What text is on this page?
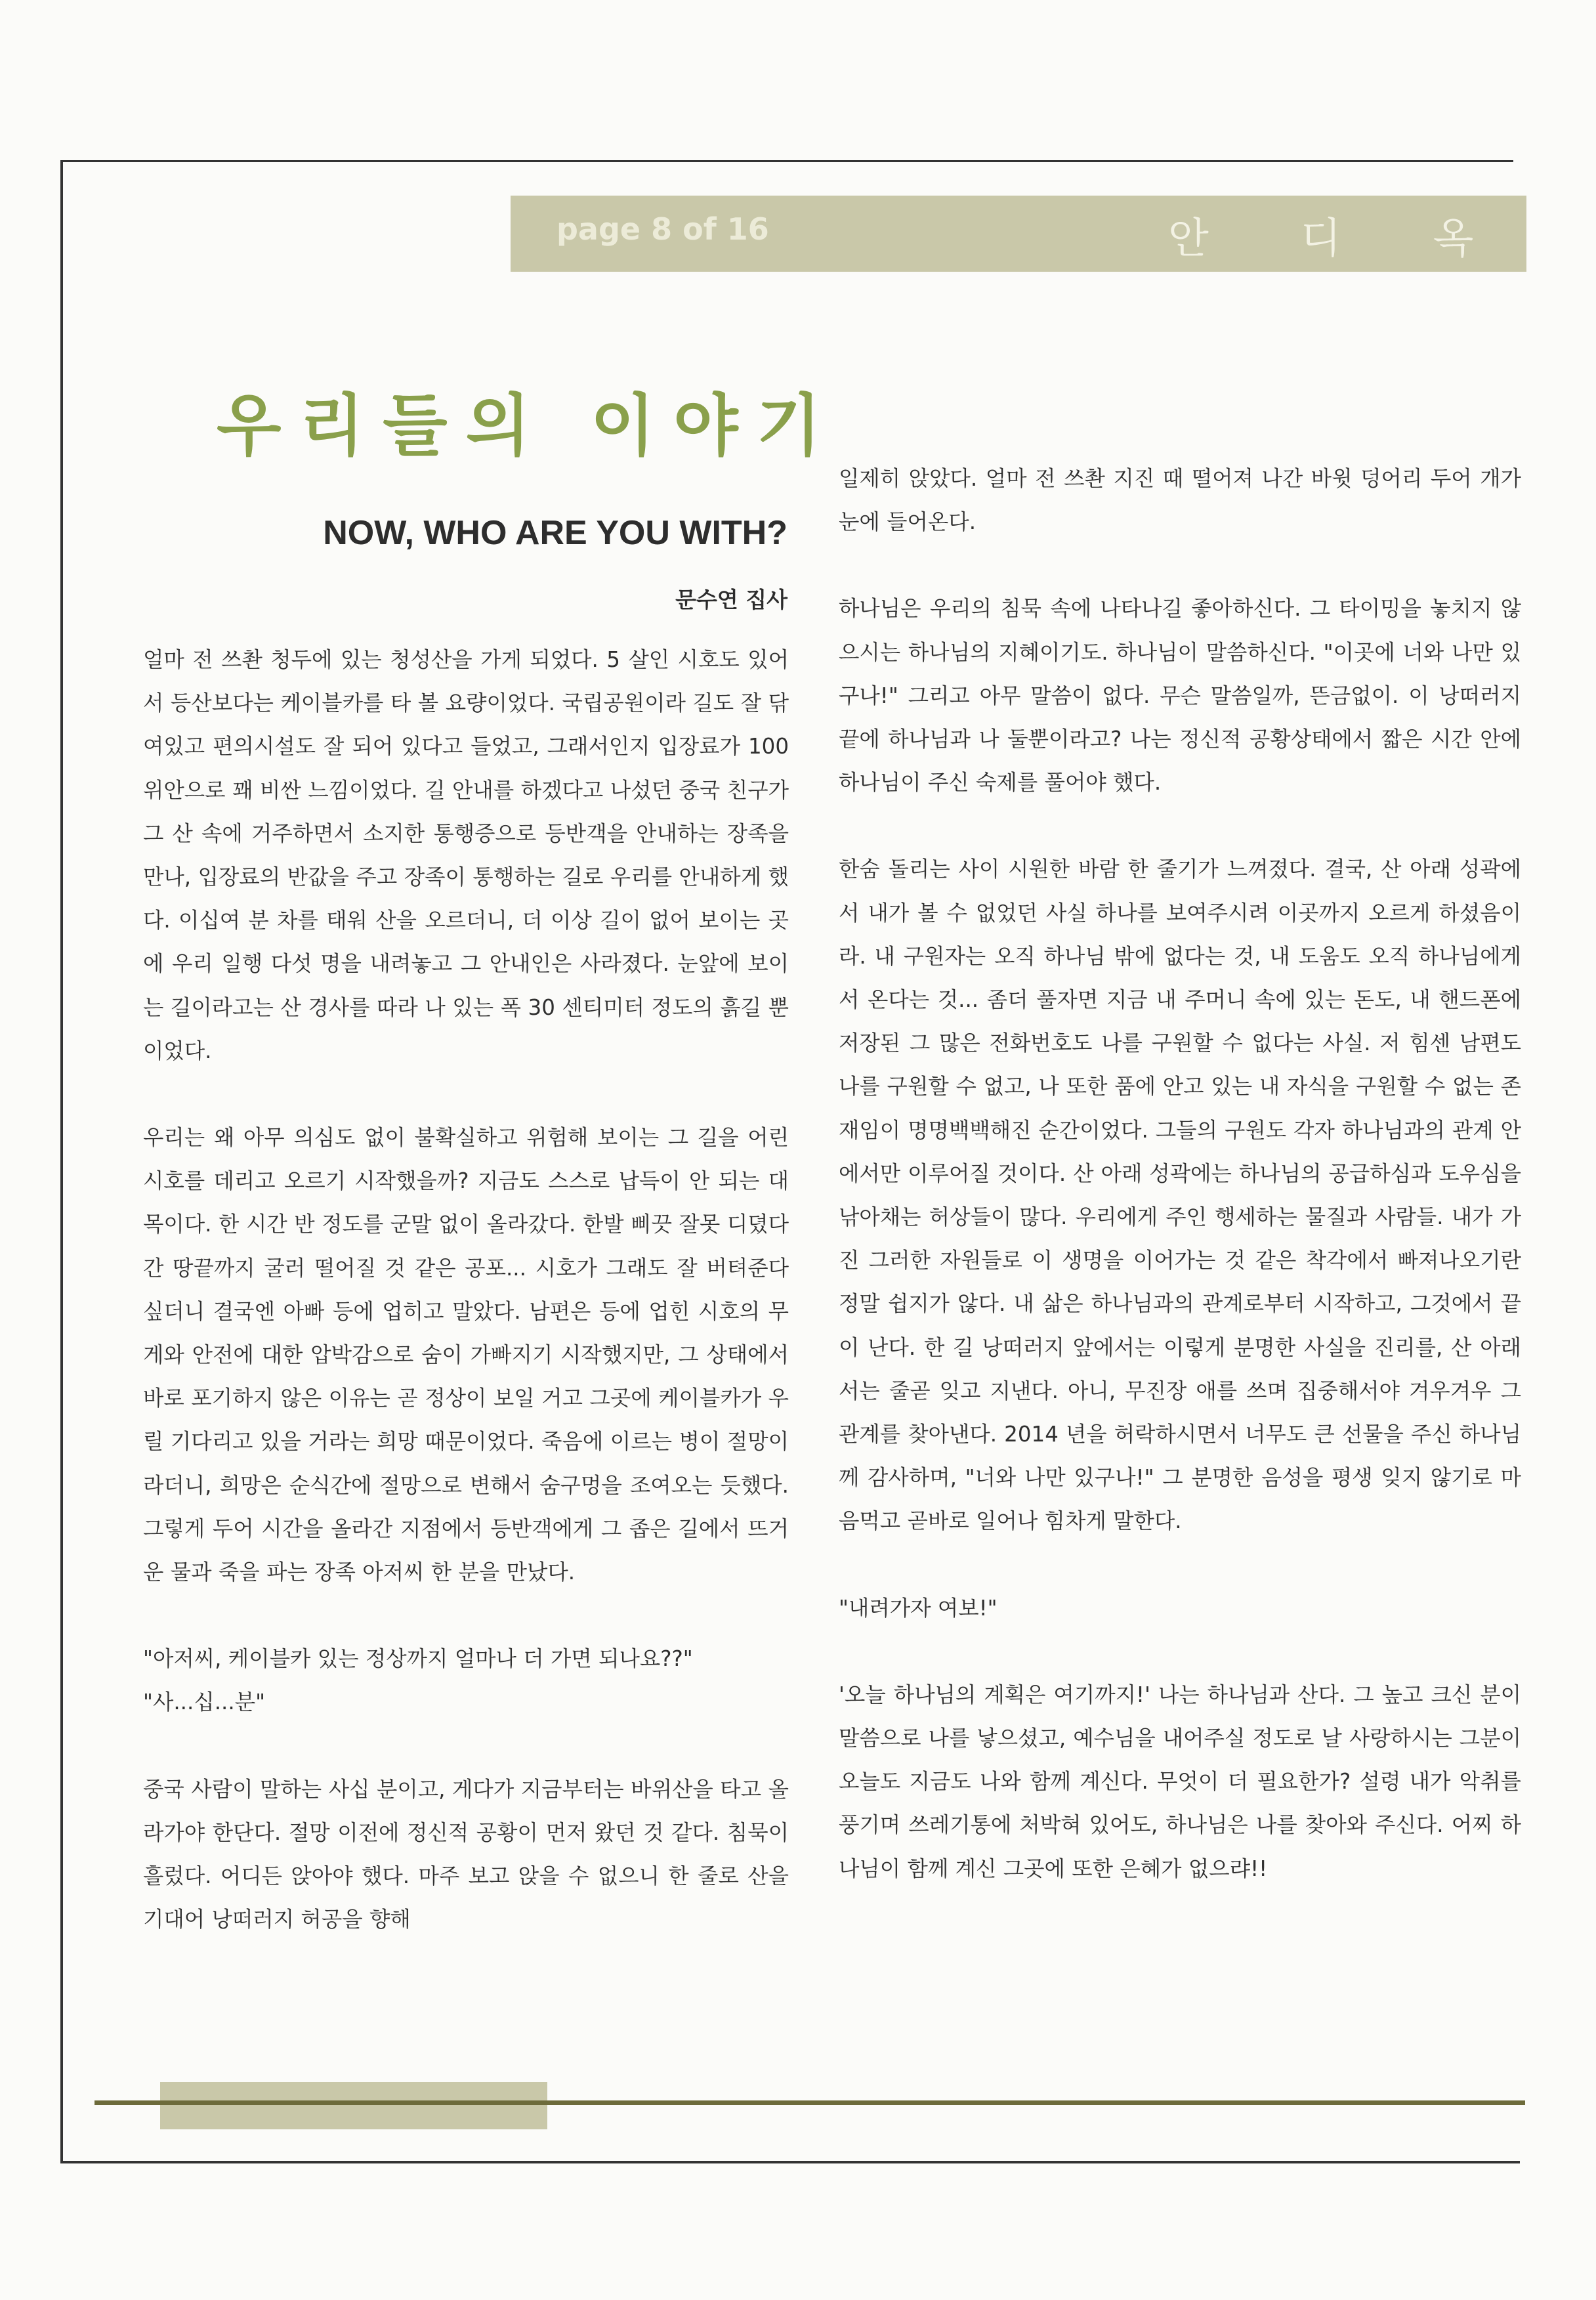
page 8 of 16	안디옥
우리들의 이야기
NOW, WHO ARE YOU WITH?
문수연 집사

얼마 전 쓰촨 청두에 있는 청성산을 가게 되었다. 5 살인 시호도 있어서 등산보다는 케이블카를 타 볼 요량이었다. 국립공원이라 길도 잘 닦여있고 편의시설도 잘 되어 있다고 들었고, 그래서인지 입장료가 100 위안으로 꽤 비싼 느낌이었다. 길 안내를 하겠다고 나섰던 중국 친구가 그 산 속에 거주하면서 소지한 통행증으로 등반객을 안내하는 장족을 만나, 입장료의 반값을 주고 장족이 통행하는 길로 우리를 안내하게 했다. 이십여 분 차를 태워 산을 오르더니, 더 이상 길이 없어 보이는 곳에 우리 일행 다섯 명을 내려놓고 그 안내인은 사라졌다. 눈앞에 보이는 길이라고는 산 경사를 따라 나 있는 폭 30 센티미터 정도의 흙길 뿐이었다.

우리는 왜 아무 의심도 없이 불확실하고 위험해 보이는 그 길을 어린 시호를 데리고 오르기 시작했을까? 지금도 스스로 납득이 안 되는 대목이다. 한 시간 반 정도를 군말 없이 올라갔다. 한발 삐끗 잘못 디뎠다간 땅끝까지 굴러 떨어질 것 같은 공포... 시호가 그래도 잘 버텨준다 싶더니 결국엔 아빠 등에 업히고 말았다. 남편은 등에 업힌 시호의 무게와 안전에 대한 압박감으로 숨이 가빠지기 시작했지만, 그 상태에서 바로 포기하지 않은 이유는 곧 정상이 보일 거고 그곳에 케이블카가 우릴 기다리고 있을 거라는 희망 때문이었다. 죽음에 이르는 병이 절망이라더니, 희망은 순식간에 절망으로 변해서 숨구멍을 조여오는 듯했다. 그렇게 두어 시간을 올라간 지점에서 등반객에게 그 좁은 길에서 뜨거운 물과 죽을 파는 장족 아저씨 한 분을 만났다.

"아저씨, 케이블카 있는 정상까지 얼마나 더 가면 되나요??"

"사...십...분"

중국 사람이 말하는 사십 분이고, 게다가 지금부터는 바위산을 타고 올라가야 한단다. 절망 이전에 정신적 공황이 먼저 왔던 것 같다. 침묵이 흘렀다. 어디든 앉아야 했다. 마주 보고 앉을 수 없으니 한 줄로 산을 기대어 낭떠러지 허공을 향해

일제히 앉았다. 얼마 전 쓰촨 지진 때 떨어져 나간 바윗 덩어리 두어 개가 눈에 들어온다.

하나님은 우리의 침묵 속에 나타나길 좋아하신다. 그 타이밍을 놓치지 않으시는 하나님의 지혜이기도. 하나님이 말씀하신다. "이곳에 너와 나만 있구나!" 그리고 아무 말씀이 없다. 무슨 말씀일까, 뜬금없이. 이 낭떠러지 끝에 하나님과 나 둘뿐이라고? 나는 정신적 공황상태에서 짧은 시간 안에 하나님이 주신 숙제를 풀어야 했다.

한숨 돌리는 사이 시원한 바람 한 줄기가 느껴졌다. 결국, 산 아래 성곽에서 내가 볼 수 없었던 사실 하나를 보여주시려 이곳까지 오르게 하셨음이라. 내 구원자는 오직 하나님 밖에 없다는 것, 내 도움도 오직 하나님에게서 온다는 것... 좀더 풀자면 지금 내 주머니 속에 있는 돈도, 내 핸드폰에 저장된 그 많은 전화번호도 나를 구원할 수 없다는 사실. 저 힘센 남편도 나를 구원할 수 없고, 나 또한 품에 안고 있는 내 자식을 구원할 수 없는 존재임이 명명백백해진 순간이었다. 그들의 구원도 각자 하나님과의 관계 안에서만 이루어질 것이다. 산 아래 성곽에는 하나님의 공급하심과 도우심을 낚아채는 허상들이 많다. 우리에게 주인 행세하는 물질과 사람들. 내가 가진 그러한 자원들로 이 생명을 이어가는 것 같은 착각에서 빠져나오기란 정말 쉽지가 않다. 내 삶은 하나님과의 관계로부터 시작하고, 그것에서 끝이 난다. 한 길 낭떠러지 앞에서는 이렇게 분명한 사실을 진리를, 산 아래서는 줄곧 잊고 지낸다. 아니, 무진장 애를 쓰며 집중해서야 겨우겨우 그 관계를 찾아낸다. 2014 년을 허락하시면서 너무도 큰 선물을 주신 하나님께 감사하며, "너와 나만 있구나!" 그 분명한 음성을 평생 잊지 않기로 마음먹고 곧바로 일어나 힘차게 말한다.

"내려가자 여보!"

'오늘 하나님의 계획은 여기까지!' 나는 하나님과 산다. 그 높고 크신 분이 말씀으로 나를 낳으셨고, 예수님을 내어주실 정도로 날 사랑하시는 그분이 오늘도 지금도 나와 함께 계신다. 무엇이 더 필요한가? 설령 내가 악취를 풍기며 쓰레기통에 처박혀 있어도, 하나님은 나를 찾아와 주신다. 어찌 하나님이 함께 계신 그곳에 또한 은혜가 없으랴!!
